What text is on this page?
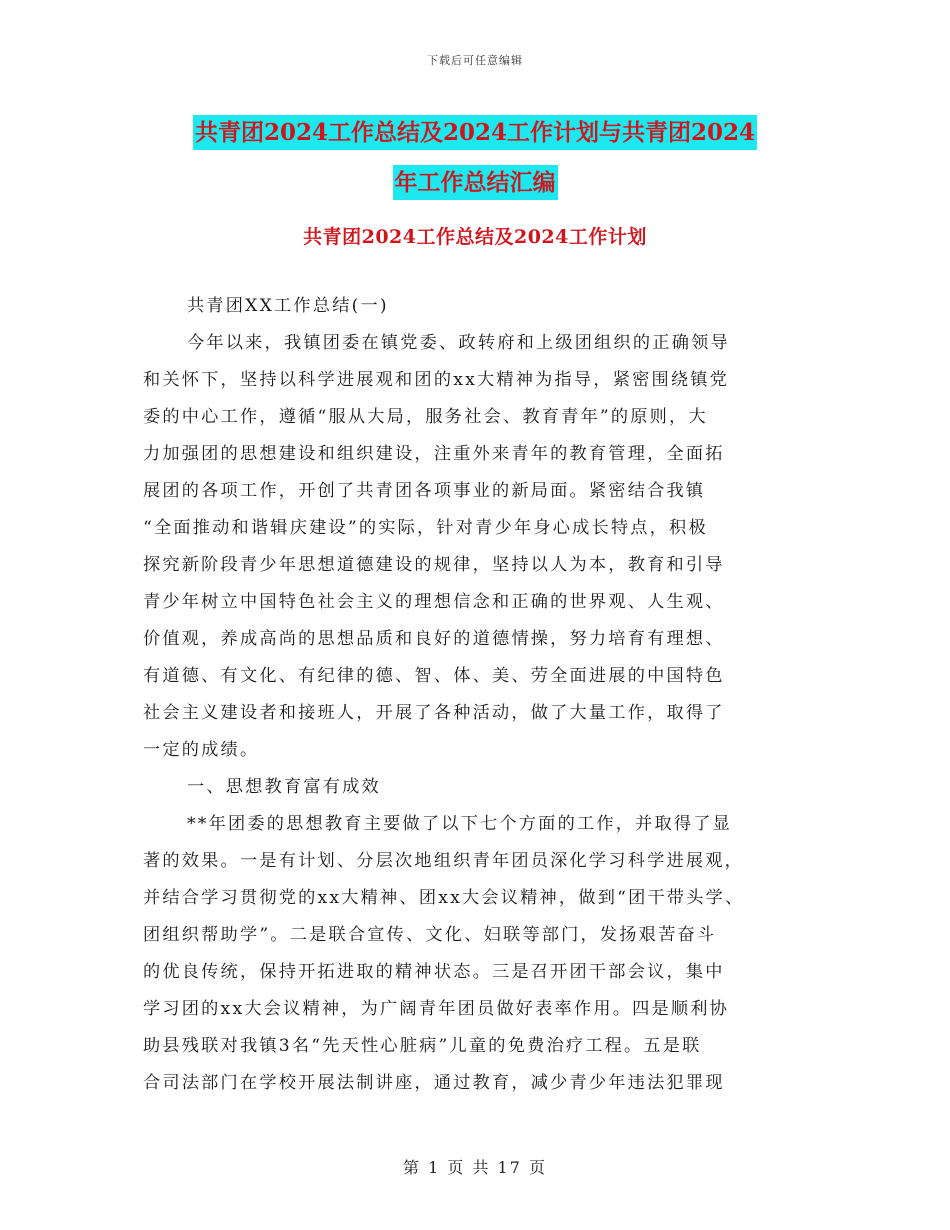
下载后可任意编辑
共青团2024工作总结及2024工作计划与共青团2024
年工作总结汇编
共青团2024工作总结及2024工作计划
共青团XX工作总结(一)
今年以来，我镇团委在镇党委、政转府和上级团组织的正确领导
和关怀下，坚持以科学进展观和团的xx大精神为指导，紧密围绕镇党
委的中心工作，遵循“服从大局，服务社会、教育青年”的原则，大
力加强团的思想建设和组织建设，注重外来青年的教育管理，全面拓
展团的各项工作，开创了共青团各项事业的新局面。紧密结合我镇
“全面推动和谐辑庆建设”的实际，针对青少年身心成长特点，积极
探究新阶段青少年思想道德建设的规律，坚持以人为本，教育和引导
青少年树立中国特色社会主义的理想信念和正确的世界观、人生观、
价值观，养成高尚的思想品质和良好的道德情操，努力培育有理想、
有道德、有文化、有纪律的德、智、体、美、劳全面进展的中国特色
社会主义建设者和接班人，开展了各种活动，做了大量工作，取得了
一定的成绩。
一、思想教育富有成效
**年团委的思想教育主要做了以下七个方面的工作，并取得了显
著的效果。一是有计划、分层次地组织青年团员深化学习科学进展观，
并结合学习贯彻党的xx大精神、团xx大会议精神，做到“团干带头学、
团组织帮助学”。二是联合宣传、文化、妇联等部门，发扬艰苦奋斗
的优良传统，保持开拓进取的精神状态。三是召开团干部会议，集中
学习团的xx大会议精神，为广阔青年团员做好表率作用。四是顺利协
助县残联对我镇3名“先天性心脏病”儿童的免费治疗工程。五是联
合司法部门在学校开展法制讲座，通过教育，减少青少年违法犯罪现
第 1 页 共 17 页
